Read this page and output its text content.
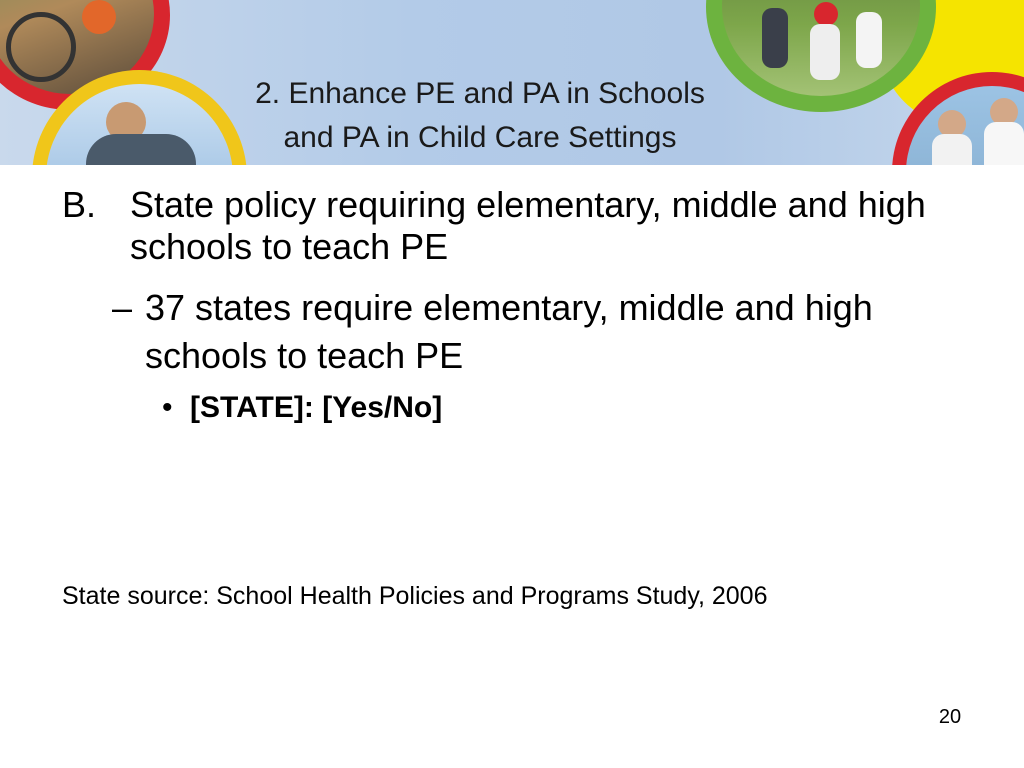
2. Enhance PE and PA in Schools
and PA in Child Care Settings
B. State policy requiring elementary, middle and high schools to teach PE
– 37 states require elementary, middle and high schools to teach PE
• [STATE]: [Yes/No]
State source: School Health Policies and Programs Study, 2006
20
